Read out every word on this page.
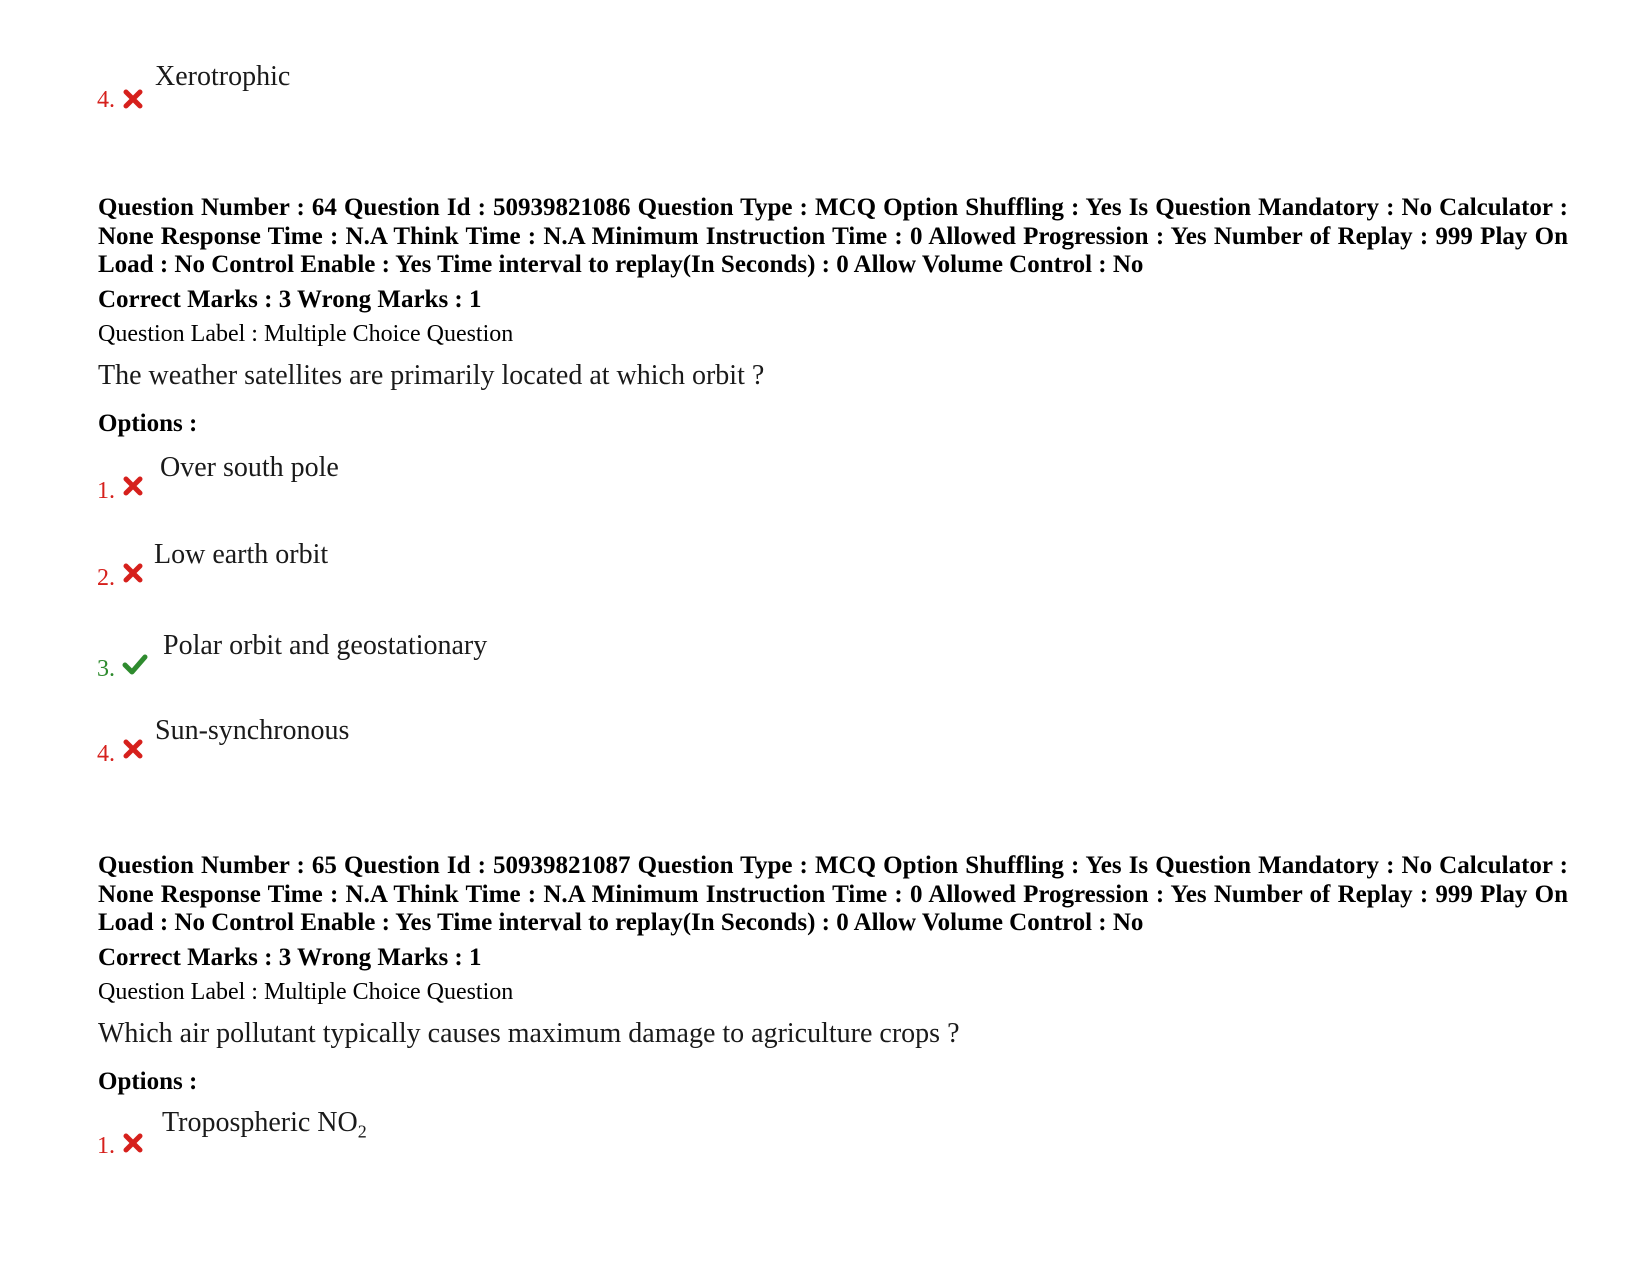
4.
Xerotrophic
Question Number : 64 Question Id : 50939821086 Question Type : MCQ Option Shuffling : Yes Is Question Mandatory : No Calculator : None Response Time : N.A Think Time : N.A Minimum Instruction Time : 0 Allowed Progression : Yes Number of Replay : 999 Play On Load : No Control Enable : Yes Time interval to replay(In Seconds) : 0 Allow Volume Control : No
Correct Marks : 3 Wrong Marks : 1
Question Label : Multiple Choice Question
The weather satellites are primarily located at which orbit ?
Options :
1.
Over south pole
2.
Low earth orbit
3.
Polar orbit and geostationary
4.
Sun-synchronous
Question Number : 65 Question Id : 50939821087 Question Type : MCQ Option Shuffling : Yes Is Question Mandatory : No Calculator : None Response Time : N.A Think Time : N.A Minimum Instruction Time : 0 Allowed Progression : Yes Number of Replay : 999 Play On Load : No Control Enable : Yes Time interval to replay(In Seconds) : 0 Allow Volume Control : No
Correct Marks : 3 Wrong Marks : 1
Question Label : Multiple Choice Question
Which air pollutant typically causes maximum damage to agriculture crops ?
Options :
1.
Tropospheric $NO_2$
